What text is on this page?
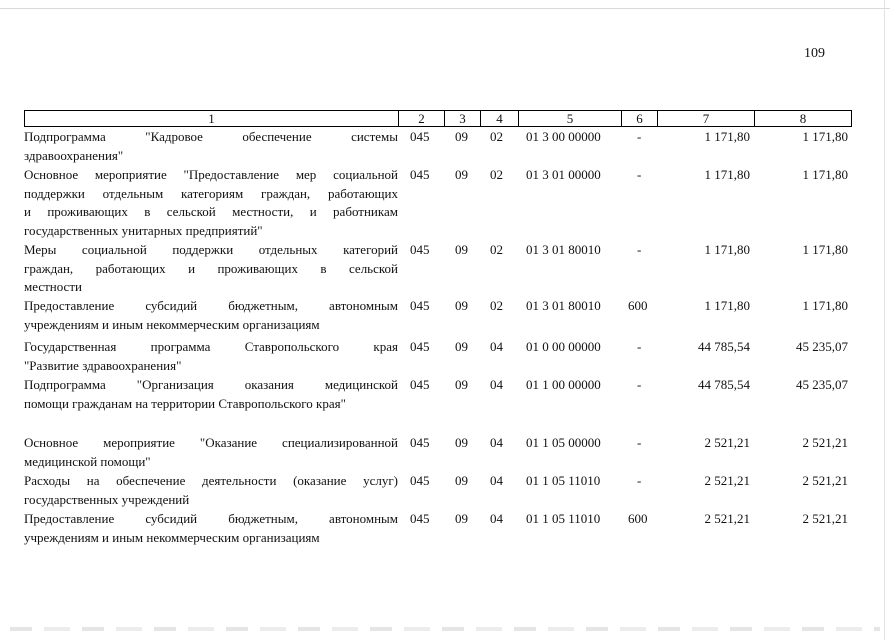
109
1	2	3	4	5	6	7	8
Подпрограмма "Кадровое обеспечение системы
здравоохранения"
045	09 02	01 3 00 00000	-	1 171,80	1 171,80
Основное мероприятие "Предоставление мер социальной
поддержки отдельным категориям граждан, работающих
и проживающих в сельской местности, и работникам
государственных унитарных предприятий"
045	09 02	01 3 01 00000	-	1 171,80	1 171,80
Меры социальной поддержки отдельных категорий
граждан, работающих и проживающих в сельской
местности
045	09 02	01 3 01 80010	-	1 171,80	1 171,80
Предоставление субсидий бюджетным, автономным
учреждениям и иным некоммерческим организациям
045	09 02	01 3 01 80010	600	1 171,80	1 171,80
Государственная программа Ставропольского края
"Развитие здравоохранения"
045	09 04	01 0 00 00000	-	44 785,54	45 235,07
Подпрограмма "Организация оказания медицинской
помощи гражданам на территории Ставропольского края"
045	09 04	01 1 00 00000	-	44 785,54	45 235,07
Основное мероприятие "Оказание специализированной
медицинской помощи"
045	09 04	01 1 05 00000	-	2 521,21	2 521,21
Расходы на обеспечение деятельности (оказание услуг)
государственных учреждений
045	09 04	01 1 05 11010	-	2 521,21	2 521,21
Предоставление субсидий бюджетным, автономным
учреждениям и иным некоммерческим организациям
045	09 04	01 1 05 11010	600	2 521,21	2 521,21
